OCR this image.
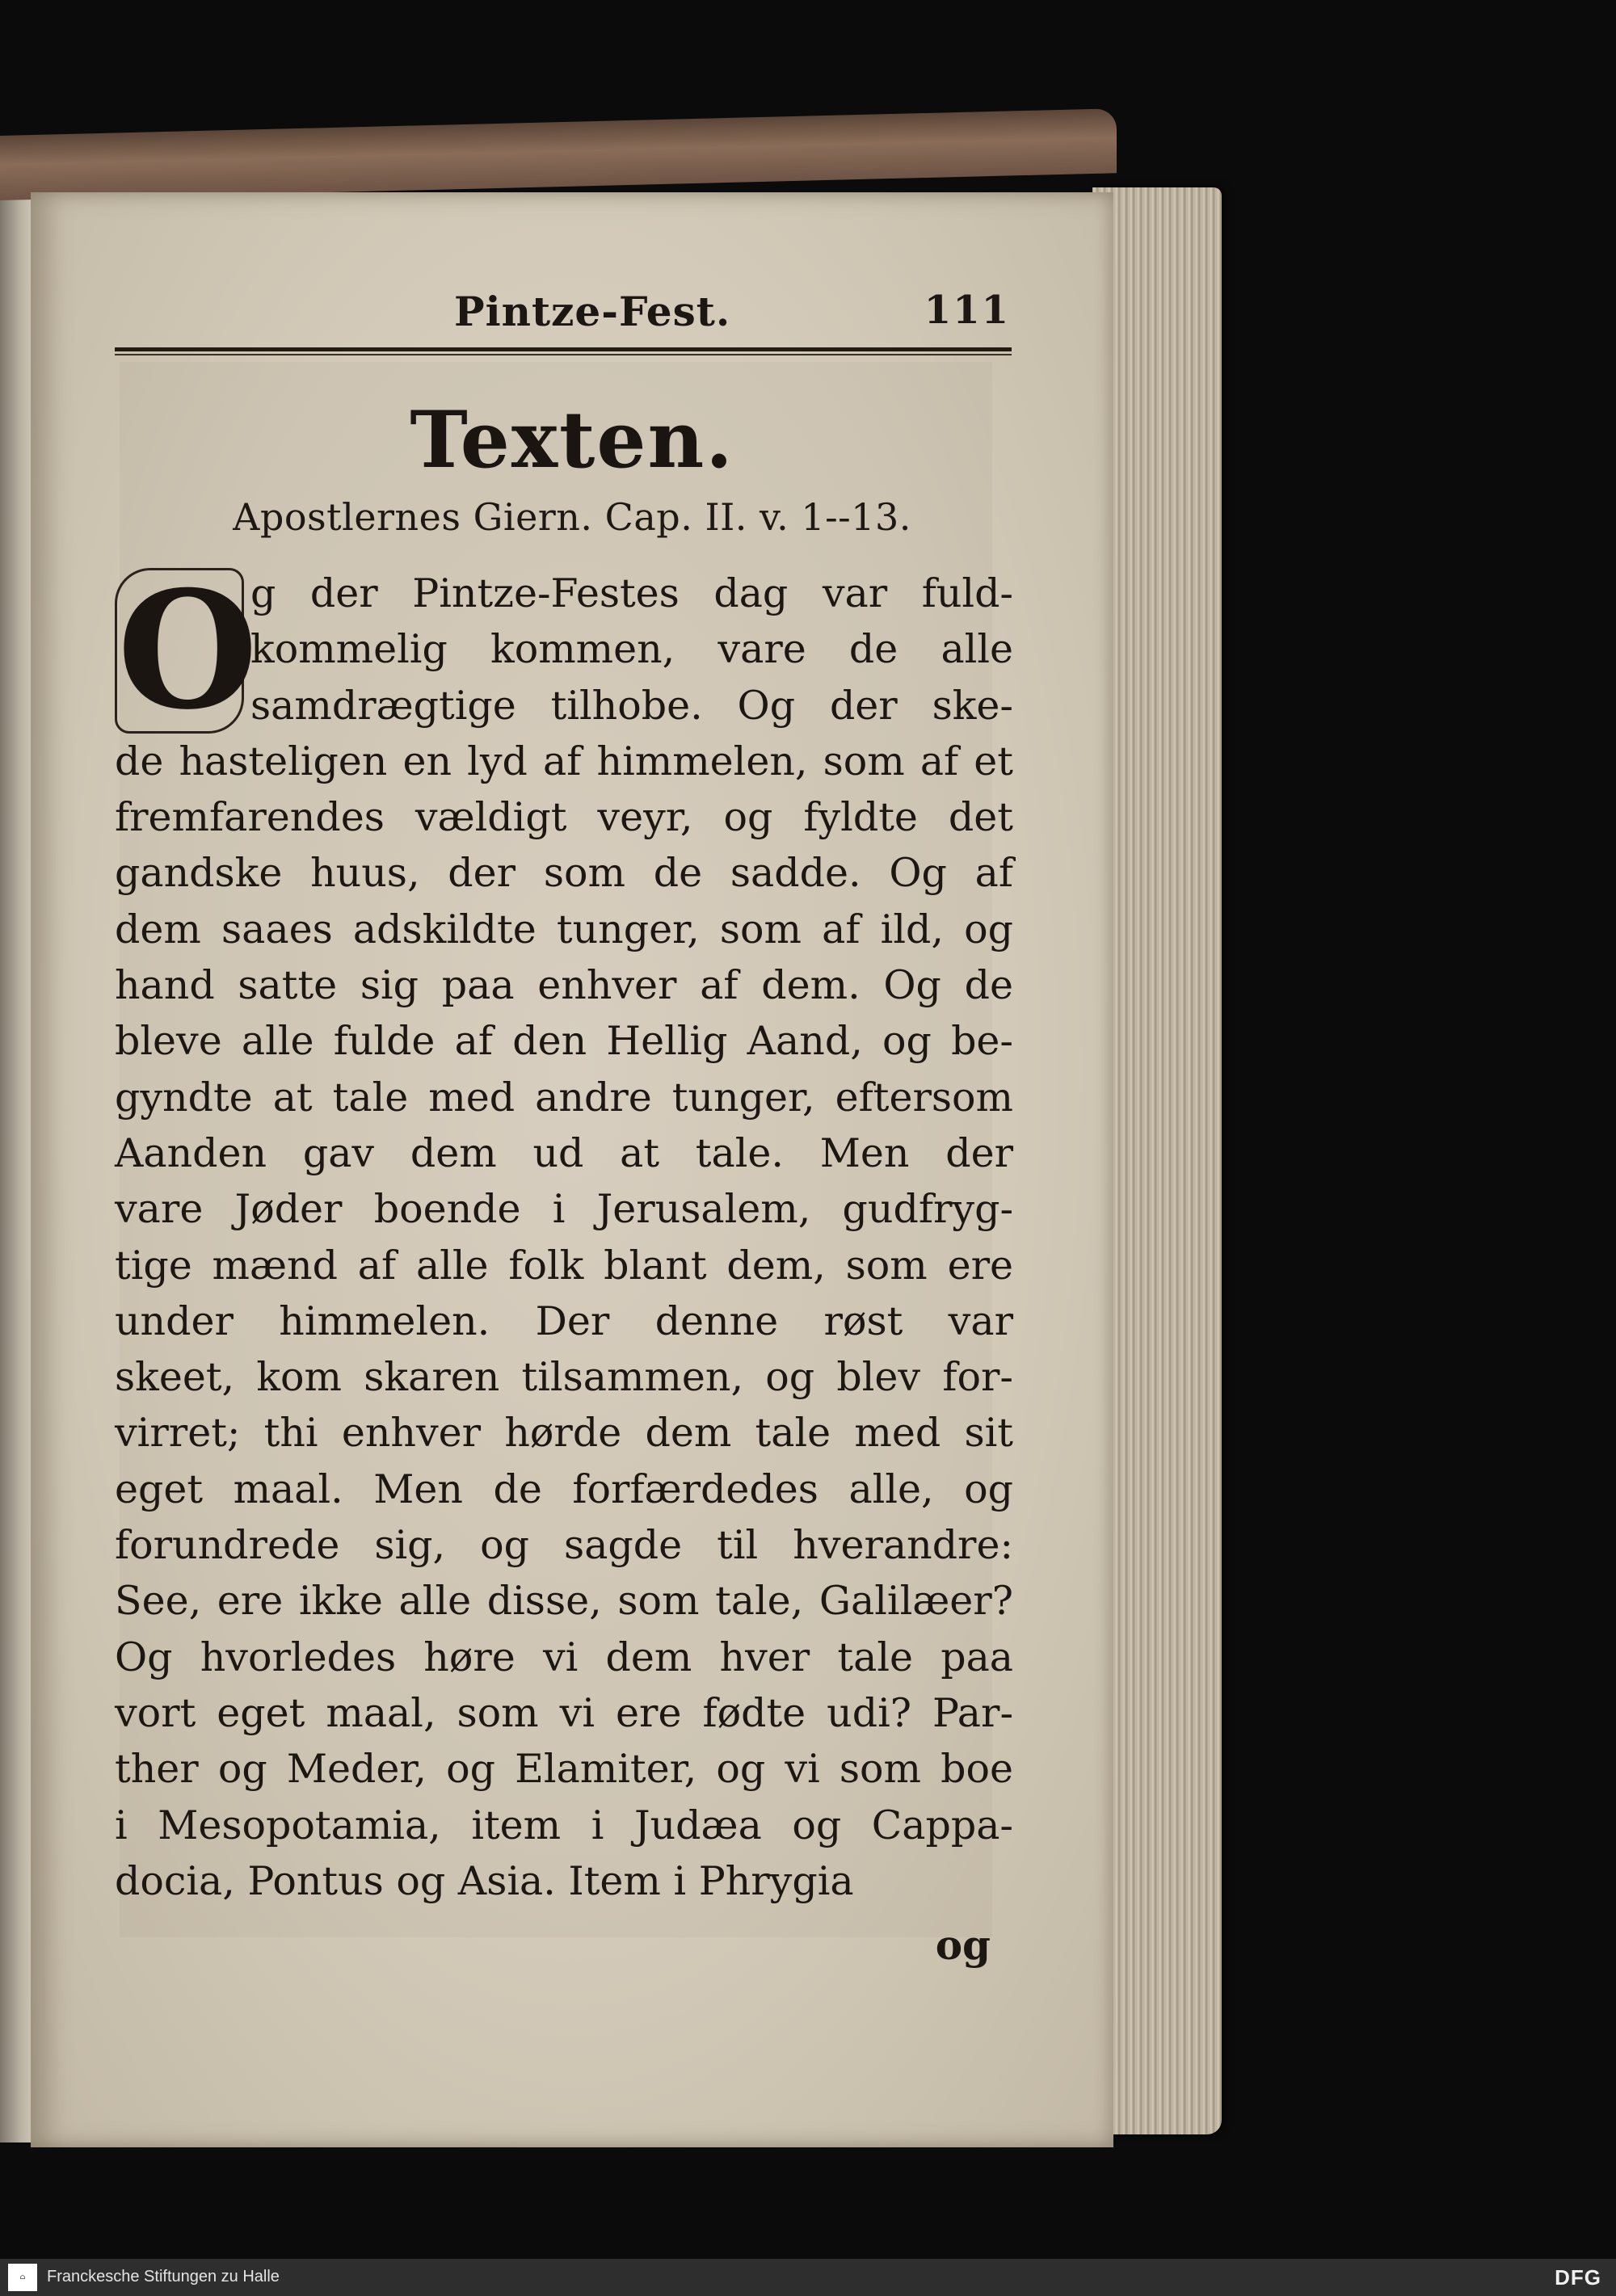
Pintze-Fest.	111
Texten.
Apostlernes Giern. Cap. II. v. 1--13.
O
g der Pintze-Festes dag var fuld-
kommelig kommen, vare de alle
samdrægtige tilhobe. Og der ske-
de hasteligen en lyd af himmelen, som af et
fremfarendes vældigt veyr, og fyldte det
gandske huus, der som de sadde. Og af
dem saaes adskildte tunger, som af ild, og
hand satte sig paa enhver af dem. Og de
bleve alle fulde af den Hellig Aand, og be-
gyndte at tale med andre tunger, eftersom
Aanden gav dem ud at tale. Men der
vare Jøder boende i Jerusalem, gudfryg-
tige mænd af alle folk blant dem, som ere
under himmelen. Der denne røst var
skeet, kom skaren tilsammen, og blev for-
virret; thi enhver hørde dem tale med sit
eget maal. Men de forfærdedes alle, og
forundrede sig, og sagde til hverandre:
See, ere ikke alle disse, som tale, Galilæer?
Og hvorledes høre vi dem hver tale paa
vort eget maal, som vi ere fødte udi? Par-
ther og Meder, og Elamiter, og vi som boe
i Mesopotamia, item i Judæa og Cappa-
docia, Pontus og Asia. Item i Phrygia
og
⌂	Franckesche Stiftungen zu Halle	DFG
